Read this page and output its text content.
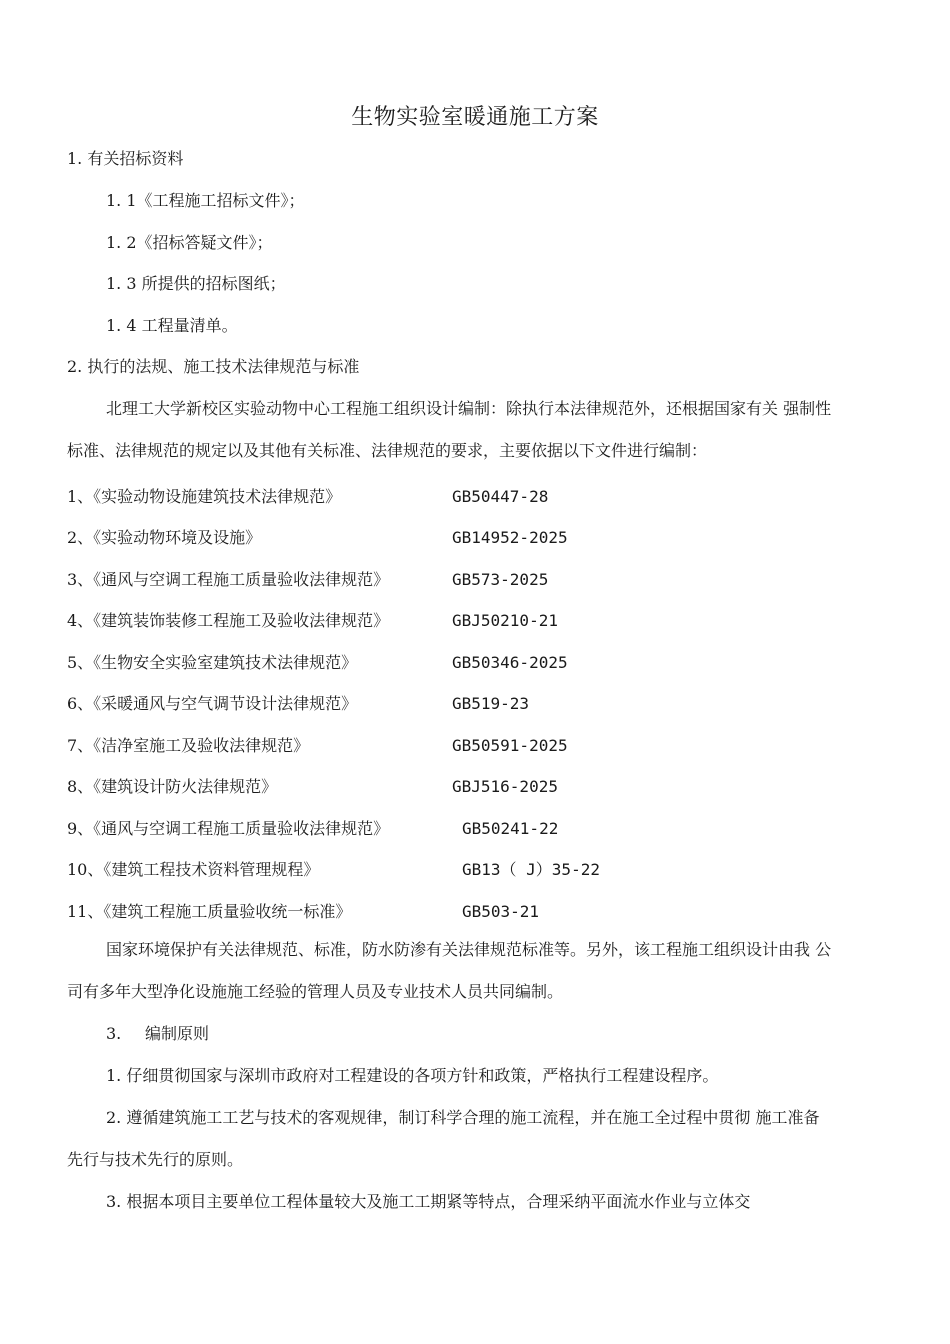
生物实验室暖通施工方案
1. 有关招标资料
1. 1《工程施工招标文件》；
1. 2《招标答疑文件》；
1. 3 所提供的招标图纸；
1. 4 工程量清单。
2. 执行的法规、施工技术法律规范与标准
北理工大学新校区实验动物中心工程施工组织设计编制：除执行本法律规范外，还根据国家有关 强制性
标准、法律规范的规定以及其他有关标准、法律规范的要求，主要依据以下文件进行编制：
1、《实验动物设施建筑技术法律规范》	GB50447-28
2、《实验动物环境及设施》	GB14952-2025
3、《通风与空调工程施工质量验收法律规范》	GB573-2025
4、《建筑装饰装修工程施工及验收法律规范》	GBJ50210-21
5、《生物安全实验室建筑技术法律规范》	GB50346-2025
6、《采暖通风与空气调节设计法律规范》	GB519-23
7、《洁净室施工及验收法律规范》	GB50591-2025
8、《建筑设计防火法律规范》	GBJ516-2025
9、《通风与空调工程施工质量验收法律规范》	GB50241-22
10、《建筑工程技术资料管理规程》	GB13（ J）35-22
11、《建筑工程施工质量验收统一标准》	GB503-21
国家环境保护有关法律规范、标准，防水防渗有关法律规范标准等。另外，该工程施工组织设计由我 公
司有多年大型净化设施施工经验的管理人员及专业技术人员共同编制。
3. 编制原则
1. 仔细贯彻国家与深圳市政府对工程建设的各项方针和政策，严格执行工程建设程序。
2. 遵循建筑施工工艺与技术的客观规律，制订科学合理的施工流程，并在施工全过程中贯彻 施工准备
先行与技术先行的原则。
3. 根据本项目主要单位工程体量较大及施工工期紧等特点，合理采纳平面流水作业与立体交
